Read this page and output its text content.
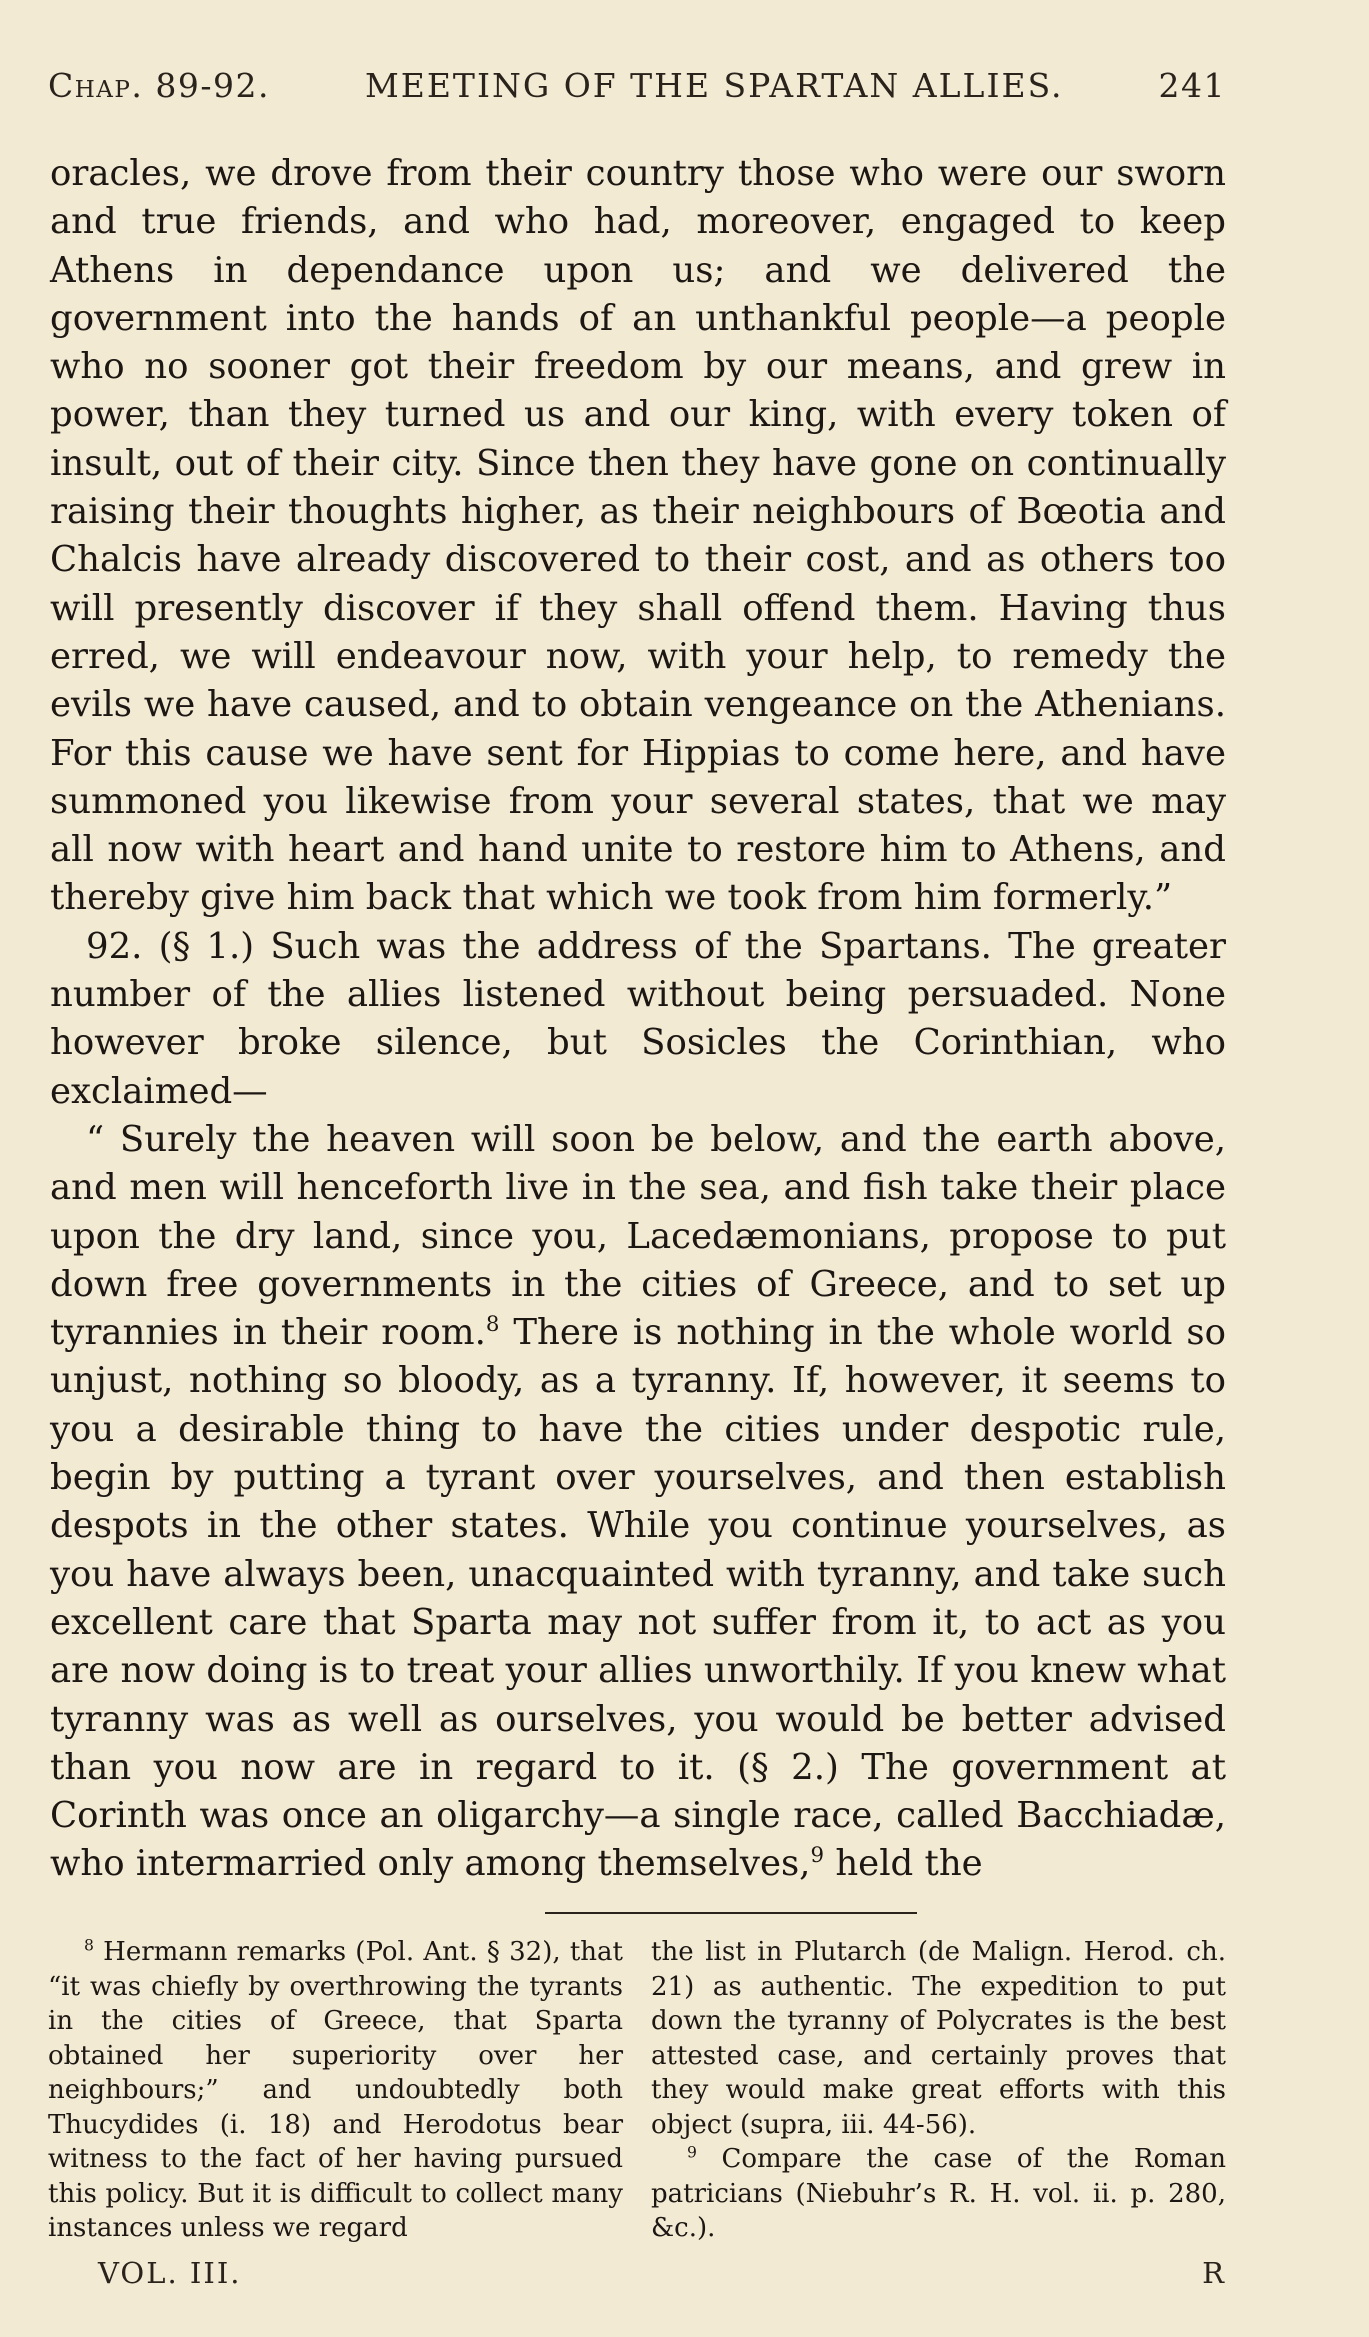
Chap. 89-92.	MEETING OF THE SPARTAN ALLIES.	241

oracles, we drove from their country those who were our sworn and true friends, and who had, moreover, engaged to keep Athens in dependance upon us; and we delivered the government into the hands of an unthankful people—a people who no sooner got their freedom by our means, and grew in power, than they turned us and our king, with every token of insult, out of their city. Since then they have gone on continually raising their thoughts higher, as their neighbours of Bœotia and Chalcis have already discovered to their cost, and as others too will presently discover if they shall offend them. Having thus erred, we will endeavour now, with your help, to remedy the evils we have caused, and to obtain vengeance on the Athenians. For this cause we have sent for Hippias to come here, and have summoned you likewise from your several states, that we may all now with heart and hand unite to restore him to Athens, and thereby give him back that which we took from him formerly.”

92. (§ 1.) Such was the address of the Spartans. The greater number of the allies listened without being persuaded. None however broke silence, but Sosicles the Corinthian, who exclaimed—

“ Surely the heaven will soon be below, and the earth above, and men will henceforth live in the sea, and fish take their place upon the dry land, since you, Lacedæmonians, propose to put down free governments in the cities of Greece, and to set up tyrannies in their room.$^8$ There is nothing in the whole world so unjust, nothing so bloody, as a tyranny. If, however, it seems to you a desirable thing to have the cities under despotic rule, begin by putting a tyrant over yourselves, and then establish despots in the other states. While you continue yourselves, as you have always been, unacquainted with tyranny, and take such excellent care that Sparta may not suffer from it, to act as you are now doing is to treat your allies unworthily. If you knew what tyranny was as well as ourselves, you would be better advised than you now are in regard to it. (§ 2.) The government at Corinth was once an oligarchy—a single race, called Bacchiadæ, who intermarried only among themselves,$^9$ held the

$^8$ Hermann remarks (Pol. Ant. § 32), that “it was chiefly by overthrowing the tyrants in the cities of Greece, that Sparta obtained her superiority over her neighbours;” and undoubtedly both Thucydides (i. 18) and Herodotus bear witness to the fact of her having pursued this policy. But it is difficult to collect many instances unless we regard

the list in Plutarch (de Malign. Herod. ch. 21) as authentic. The expedition to put down the tyranny of Polycrates is the best attested case, and certainly proves that they would make great efforts with this object (supra, iii. 44-56).

$^9$ Compare the case of the Roman patricians (Niebuhr’s R. H. vol. ii. p. 280, &c.).

VOL. III.	R
